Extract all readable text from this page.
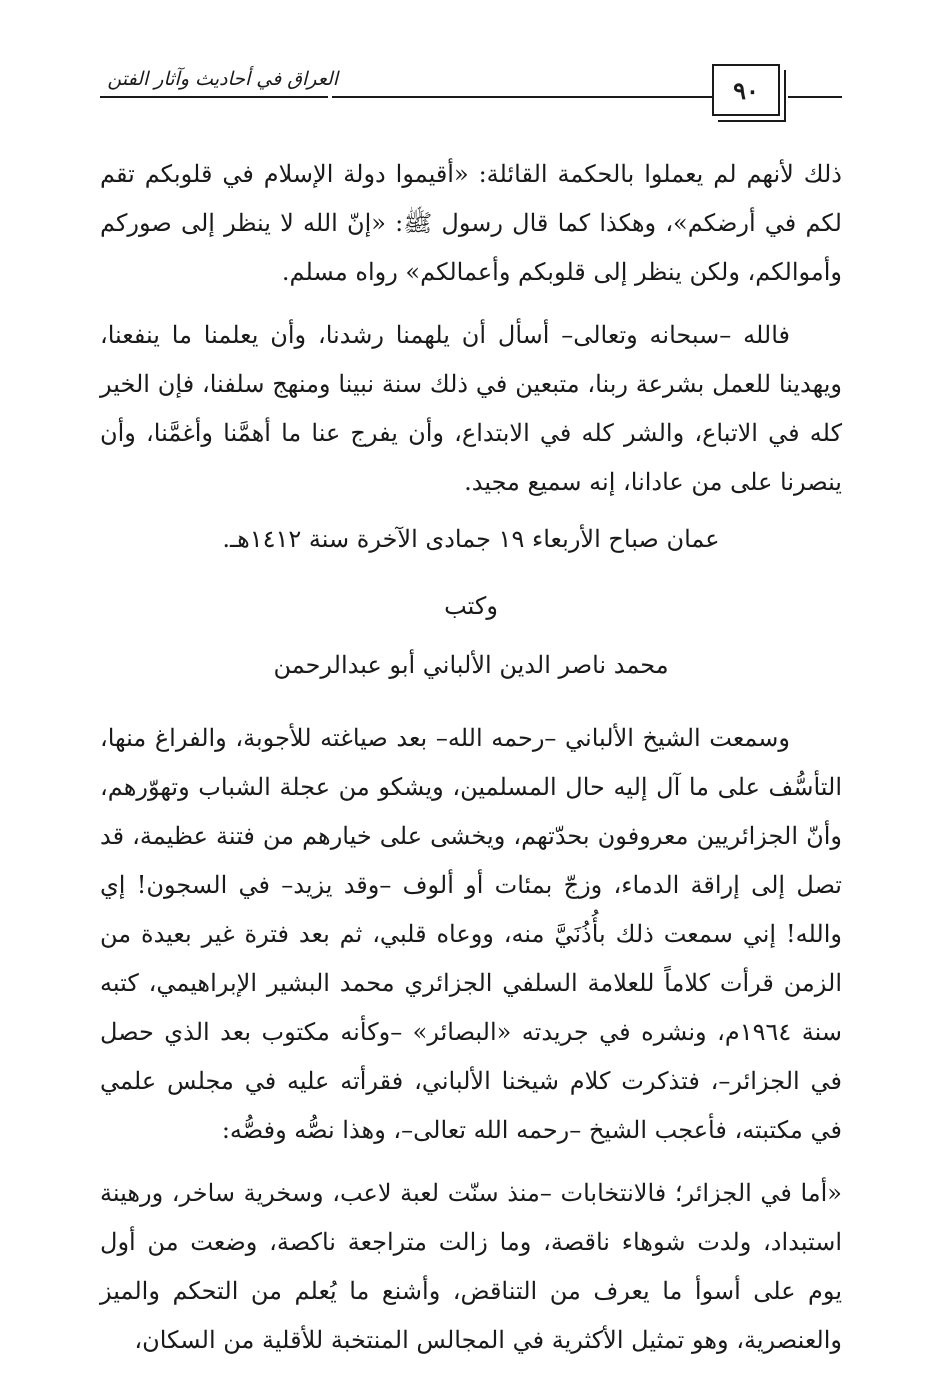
العراق في أحاديث وآثار الفتن	٩٠

ذلك لأنهم لم يعملوا بالحكمة القائلة: «أقيموا دولة الإسلام في قلوبكم تقم لكم في أرضكم»، وهكذا كما قال رسول ﷺ: «إنّ الله لا ينظر إلى صوركم وأموالكم، ولكن ينظر إلى قلوبكم وأعمالكم» رواه مسلم.

فالله –سبحانه وتعالى– أسأل أن يلهمنا رشدنا، وأن يعلمنا ما ينفعنا، ويهدينا للعمل بشرعة ربنا، متبعين في ذلك سنة نبينا ومنهج سلفنا، فإن الخير كله في الاتباع، والشر كله في الابتداع، وأن يفرج عنا ما أهمَّنا وأغمَّنا، وأن ينصرنا على من عادانا، إنه سميع مجيد.

عمان صباح الأربعاء ١٩ جمادى الآخرة سنة ١٤١٢هـ.

وكتب

محمد ناصر الدين الألباني أبو عبدالرحمن

وسمعت الشيخ الألباني –رحمه الله– بعد صياغته للأجوبة، والفراغ منها، التأسُّف على ما آل إليه حال المسلمين، ويشكو من عجلة الشباب وتهوّرهم، وأنّ الجزائريين معروفون بحدّتهم، ويخشى على خيارهم من فتنة عظيمة، قد تصل إلى إراقة الدماء، وزجّ بمئات أو ألوف –وقد يزيد– في السجون! إي والله! إني سمعت ذلك بأُذُنَيَّ منه، ووعاه قلبي، ثم بعد فترة غير بعيدة من الزمن قرأت كلاماً للعلامة السلفي الجزائري محمد البشير الإبراهيمي، كتبه سنة ١٩٦٤م، ونشره في جريدته «البصائر» –وكأنه مكتوب بعد الذي حصل في الجزائر–، فتذكرت كلام شيخنا الألباني، فقرأته عليه في مجلس علمي في مكتبته، فأعجب الشيخ –رحمه الله تعالى–، وهذا نصُّه وفصُّه:

«أما في الجزائر؛ فالانتخابات –منذ سنّت لعبة لاعب، وسخرية ساخر، ورهينة استبداد، ولدت شوهاء ناقصة، وما زالت متراجعة ناكصة، وضعت من أول يوم على أسوأ ما يعرف من التناقض، وأشنع ما يُعلم من التحكم والميز والعنصرية، وهو تمثيل الأكثرية في المجالس المنتخبة للأقلية من السكان،
